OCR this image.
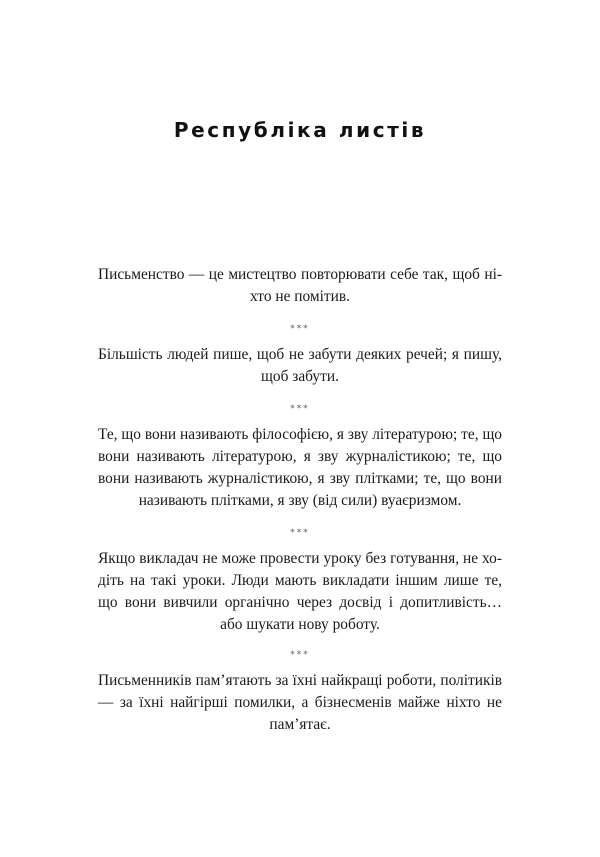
Республіка листів

Письменство — це мистецтво повторювати себе так, щоб ніхто не помітив.

***

Більшість людей пише, щоб не забути деяких речей; я пишу, щоб забути.

***

Те, що вони називають філософією, я зву літературою; те, що вони називають літературою, я зву журналістикою; те, що вони називають журналістикою, я зву плітками; те, що вони називають плітками, я зву (від сили) вуаєризмом.

***

Якщо викладач не може провести уроку без готування, не ходіть на такі уроки. Люди мають викладати іншим лише те, що вони вивчили органічно через досвід і допитливість… або шукати нову роботу.

***

Письменників пам’ятають за їхні найкращі роботи, політиків — за їхні найгірші помилки, а бізнесменів майже ніхто не пам’ятає.
